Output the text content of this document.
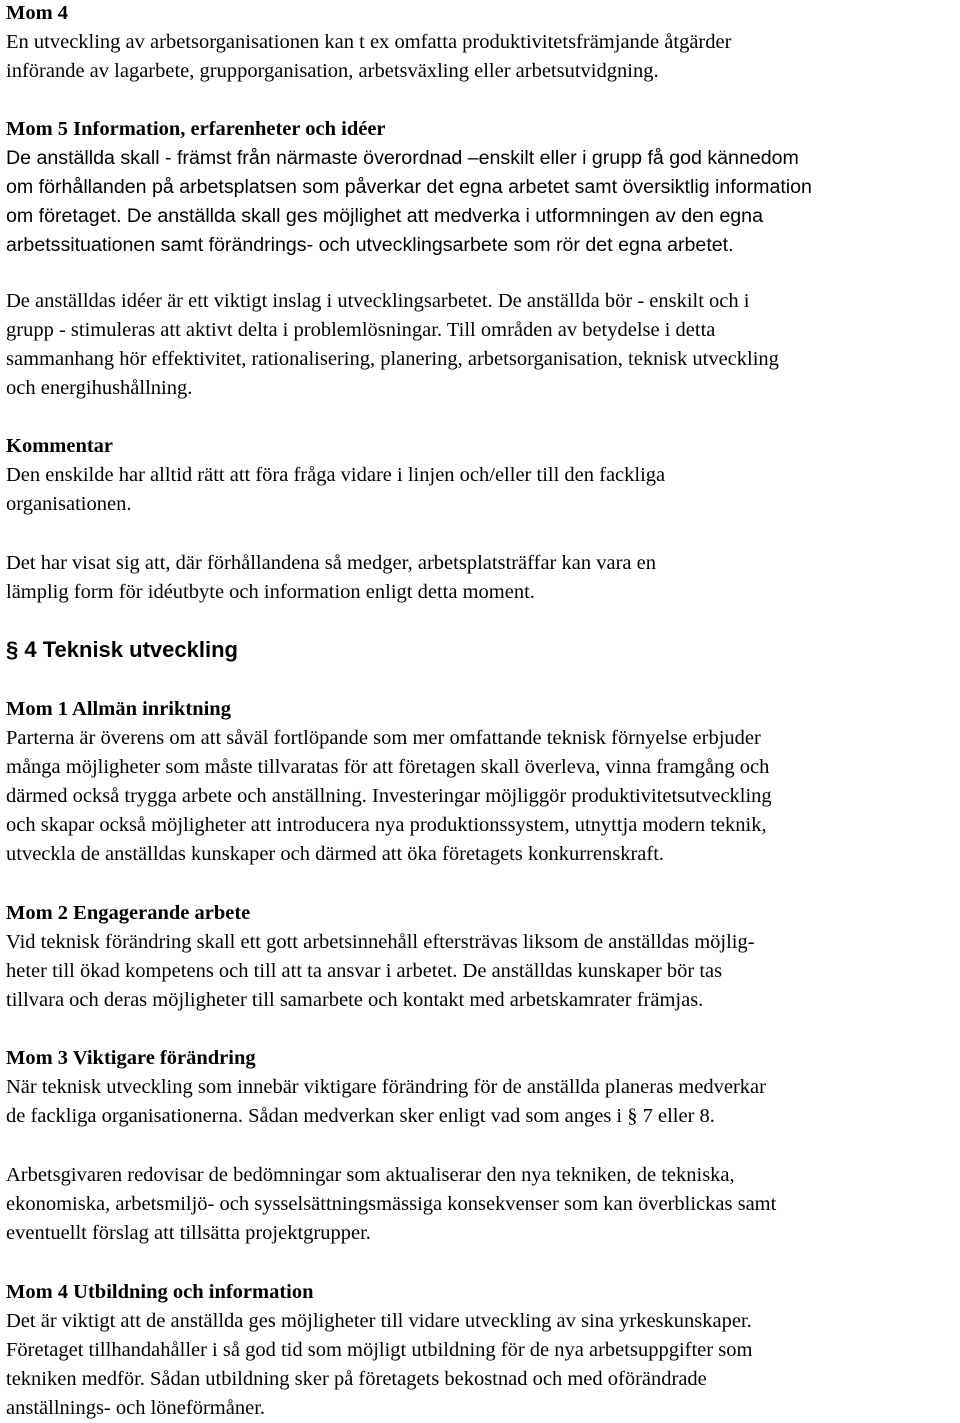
Mom 4
En utveckling av arbetsorganisationen kan t ex omfatta produktivitetsfrämjande åtgärder
införande av lagarbete, grupporganisation, arbetsväxling eller arbetsutvidgning.
Mom 5 Information, erfarenheter och idéer
De anställda skall - främst från närmaste överordnad –enskilt eller i grupp få god kännedom
om förhållanden på arbetsplatsen som påverkar det egna arbetet samt översiktlig information
om företaget. De anställda skall ges möjlighet att medverka i utformningen av den egna
arbetssituationen samt förändrings- och utvecklingsarbete som rör det egna arbetet.
De anställdas idéer är ett viktigt inslag i utvecklingsarbetet. De anställda bör - enskilt och i
grupp - stimuleras att aktivt delta i problemlösningar. Till områden av betydelse i detta
sammanhang hör effektivitet, rationalisering, planering, arbetsorganisation, teknisk utveckling
och energihushållning.
Kommentar
Den enskilde har alltid rätt att föra fråga vidare i linjen och/eller till den fackliga
organisationen.
Det har visat sig att, där förhållandena så medger, arbetsplatsträffar kan vara en
lämplig form för idéutbyte och information enligt detta moment.
§ 4 Teknisk utveckling
Mom 1 Allmän inriktning
Parterna är överens om att såväl fortlöpande som mer omfattande teknisk förnyelse erbjuder
många möjligheter som måste tillvaratas för att företagen skall överleva, vinna framgång och
därmed också trygga arbete och anställning. Investeringar möjliggör produktivitetsutveckling
och skapar också möjligheter att introducera nya produktionssystem, utnyttja modern teknik,
utveckla de anställdas kunskaper och därmed att öka företagets konkurrenskraft.
Mom 2 Engagerande arbete
Vid teknisk förändring skall ett gott arbetsinnehåll eftersträvas liksom de anställdas möjlig-
heter till ökad kompetens och till att ta ansvar i arbetet. De anställdas kunskaper bör tas
tillvara och deras möjligheter till samarbete och kontakt med arbetskamrater främjas.
Mom 3 Viktigare förändring
När teknisk utveckling som innebär viktigare förändring för de anställda planeras medverkar
de fackliga organisationerna. Sådan medverkan sker enligt vad som anges i § 7 eller 8.
Arbetsgivaren redovisar de bedömningar som aktualiserar den nya tekniken, de tekniska,
ekonomiska, arbetsmiljö- och sysselsättningsmässiga konsekvenser som kan överblickas samt
eventuellt förslag att tillsätta projektgrupper.
Mom 4 Utbildning och information
Det är viktigt att de anställda ges möjligheter till vidare utveckling av sina yrkeskunskaper.
Företaget tillhandahåller i så god tid som möjligt utbildning för de nya arbetsuppgifter som
tekniken medför. Sådan utbildning sker på företagets bekostnad och med oförändrade
anställnings- och löneförmåner.
